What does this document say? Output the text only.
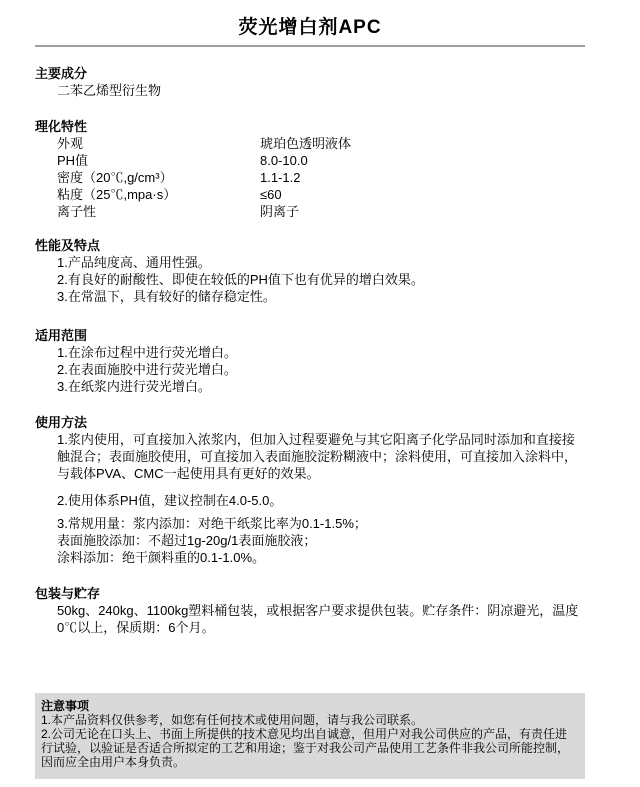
荧光增白剂APC
主要成分
二苯乙烯型衍生物
理化特性
外观	琥珀色透明液体
PH值	8.0-10.0
密度（20℃,g/cm³）	1.1-1.2
粘度（25℃,mpa·s）	≤60
离子性	阴离子
性能及特点
1.产品纯度高、通用性强。
2.有良好的耐酸性、即使在较低的PH值下也有优异的增白效果。
3.在常温下，具有较好的储存稳定性。
适用范围
1.在涂布过程中进行荧光增白。
2.在表面施胶中进行荧光增白。
3.在纸浆内进行荧光增白。
使用方法

1.浆内使用，可直接加入浓浆内，但加入过程要避免与其它阳离子化学品同时添加和直接接触混合；表面施胶使用，可直接加入表面施胶淀粉糊液中；涂料使用，可直接加入涂料中，与载体PVA、CMC一起使用具有更好的效果。

2.使用体系PH值，建议控制在4.0-5.0。

3.常规用量：浆内添加：对绝干纸浆比率为0.1-1.5%；
表面施胶添加：不超过1g-20g/1表面施胶液；
涂料添加：绝干颜料重的0.1-1.0%。

包装与贮存

50kg、240kg、1100kg塑料桶包装，或根据客户要求提供包装。贮存条件：阴凉避光，温度0℃以上，保质期：6个月。

注意事项
1.本产品资料仅供参考，如您有任何技术或使用问题，请与我公司联系。
2.公司无论在口头上、书面上所提供的技术意见均出自诚意，但用户对我公司供应的产品，有责任进行试验，以验证是否适合所拟定的工艺和用途；鉴于对我公司产品使用工艺条件非我公司所能控制，因而应全由用户本身负责。
